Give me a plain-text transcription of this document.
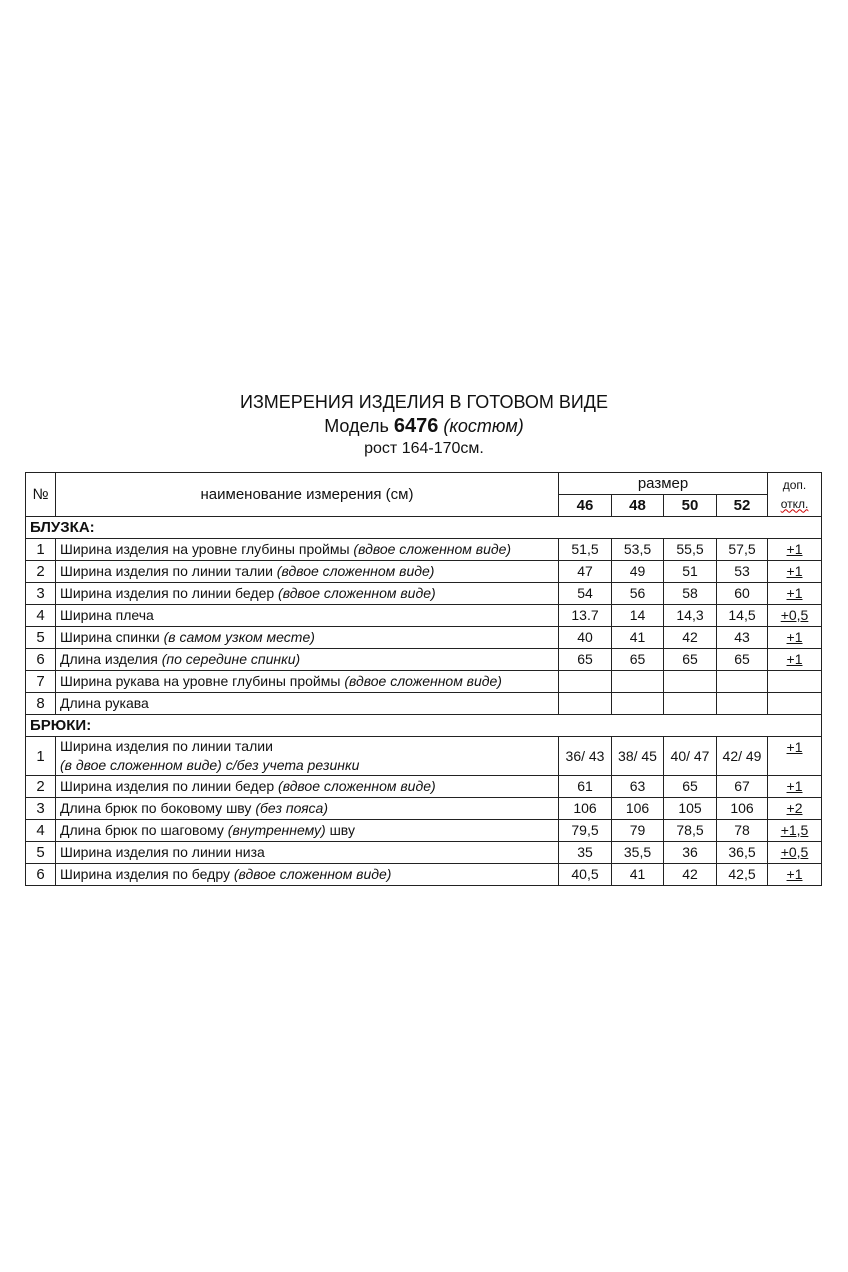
ИЗМЕРЕНИЯ ИЗДЕЛИЯ В ГОТОВОМ ВИДЕ
Модель 6476 (костюм)
рост 164-170см.
№	наименование измерения (см)	размер				доп.
откл.

		46	48	50	52	
БЛУЗКА:						
1	Ширина изделия на уровне глубины проймы (вдвое сложенном виде)	51,5	53,5	55,5	57,5	+1
2	Ширина изделия по линии талии (вдвое сложенном виде)	47	49	51	53	+1
3	Ширина изделия по линии бедер (вдвое сложенном виде)	54	56	58	60	+1
4	Ширина плеча	13.7	14	14,3	14,5	+0,5
5	Ширина спинки (в самом узком месте)	40	41	42	43	+1
6	Длина изделия (по середине спинки)	65	65	65	65	+1
7	Ширина рукава на уровне глубины проймы (вдвое сложенном виде)					
8	Длина рукава					
БРЮКИ:						
1	Ширина изделия по линии талии
(в двое сложенном виде) с/без учета резинки	36/ 43	38/ 45	40/ 47	42/ 49	+1
2	Ширина изделия по линии бедер (вдвое сложенном виде)	61	63	65	67	+1
3	Длина брюк по боковому шву (без пояса)	106	106	105	106	+2
4	Длина брюк по шаговому (внутреннему) шву	79,5	79	78,5	78	+1,5
5	Ширина изделия по линии низа	35	35,5	36	36,5	+0,5
6	Ширина изделия по бедру (вдвое сложенном виде)	40,5	41	42	42,5	+1
